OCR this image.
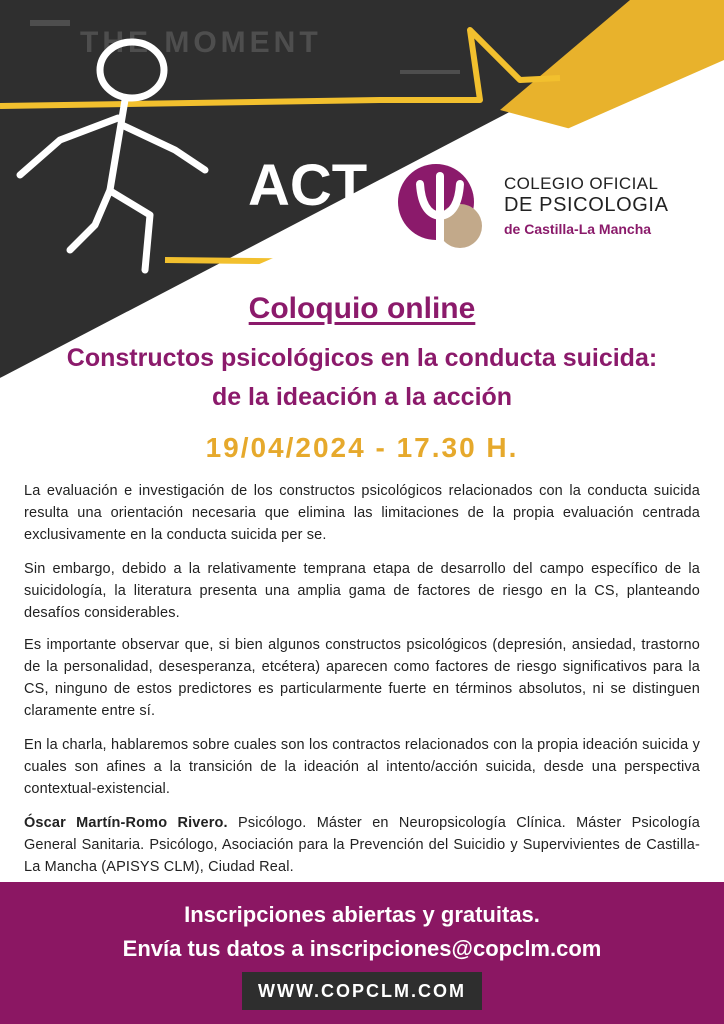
THE MOMENT
ACT	COLEGIO OFICIAL
DE PSICOLOGIA
de Castilla-La Mancha
Coloquio online
Constructos psicológicos en la conducta suicida:
de la ideación a la acción
19/04/2024 - 17.30 H.

La evaluación e investigación de los constructos psicológicos relacionados con la conducta suicida resulta una orientación necesaria que elimina las limitaciones de la propia evaluación centrada exclusivamente en la conducta suicida per se.

Sin embargo, debido a la relativamente temprana etapa de desarrollo del campo específico de la suicidología, la literatura presenta una amplia gama de factores de riesgo en la CS, planteando desafíos considerables.

Es importante observar que, si bien algunos constructos psicológicos (depresión, ansiedad, trastorno de la personalidad, desesperanza, etcétera) aparecen como factores de riesgo significativos para la CS, ninguno de estos predictores es particularmente fuerte en términos absolutos, ni se distinguen claramente entre sí.

En la charla, hablaremos sobre cuales son los contractos relacionados con la propia ideación suicida y cuales son afines a la transición de la ideación al intento/acción suicida, desde una perspectiva contextual-existencial.

Óscar Martín-Romo Rivero. Psicólogo. Máster en Neuropsicología Clínica. Máster Psicología General Sanitaria. Psicólogo, Asociación para la Prevención del Suicidio y Supervivientes de Castilla-La Mancha (APISYS CLM), Ciudad Real.

Inscripciones abiertas y gratuitas.
Envía tus datos a inscripciones@copclm.com
WWW.COPCLM.COM
